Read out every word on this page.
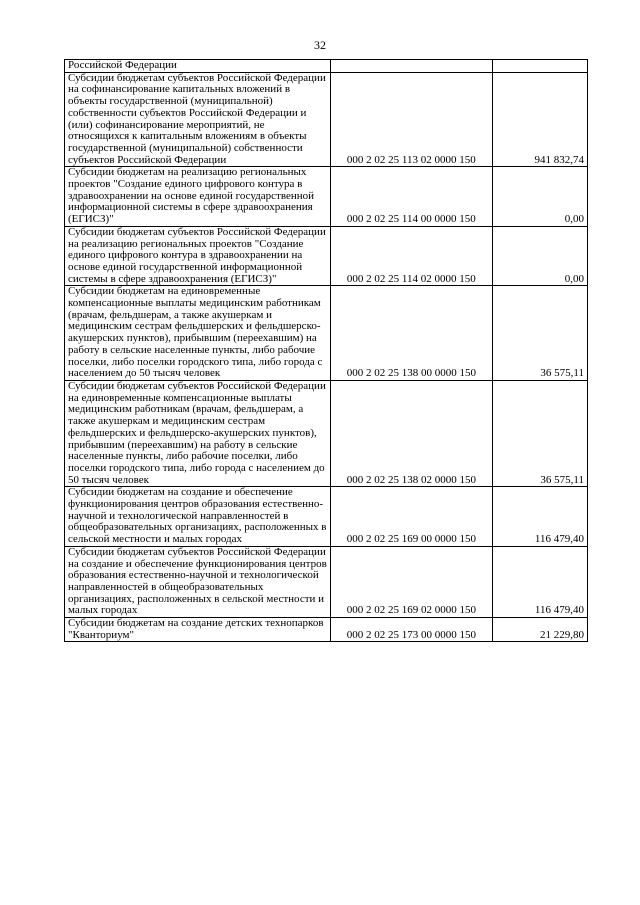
32
Российской Федерации		
Субсидии бюджетам субъектов Российской Федерации на софинансирование капитальных вложений в объекты государственной (муниципальной) собственности субъектов Российской Федерации и (или) софинансирование мероприятий, не относящихся к капитальным вложениям в объекты государственной (муниципальной) собственности субъектов Российской Федерации	000 2 02 25 113 02 0000 150	941 832,74
Субсидии бюджетам на реализацию региональных проектов "Создание единого цифрового контура в здравоохранении на основе единой государственной информационной системы в сфере здравоохранения (ЕГИСЗ)"	000 2 02 25 114 00 0000 150	0,00
Субсидии бюджетам субъектов Российской Федерации на реализацию региональных проектов "Создание единого цифрового контура в здравоохранении на основе единой государственной информационной системы в сфере здравоохранения (ЕГИСЗ)"	000 2 02 25 114 02 0000 150	0,00
Субсидии бюджетам на единовременные компенсационные выплаты медицинским работникам (врачам, фельдшерам, а также акушеркам и медицинским сестрам фельдшерских и фельдшерско-акушерских пунктов), прибывшим (переехавшим) на работу в сельские населенные пункты, либо рабочие поселки, либо поселки городского типа, либо города с населением до 50 тысяч человек	000 2 02 25 138 00 0000 150	36 575,11
Субсидии бюджетам субъектов Российской Федерации на единовременные компенсационные выплаты медицинским работникам (врачам, фельдшерам, а также акушеркам и медицинским сестрам фельдшерских и фельдшерско-акушерских пунктов), прибывшим (переехавшим) на работу в сельские населенные пункты, либо рабочие поселки, либо поселки городского типа, либо города с населением до 50 тысяч человек	000 2 02 25 138 02 0000 150	36 575,11
Субсидии бюджетам на создание и обеспечение функционирования центров образования естественно-научной и технологической направленностей в общеобразовательных организациях, расположенных в сельской местности и малых городах	000 2 02 25 169 00 0000 150	116 479,40
Субсидии бюджетам субъектов Российской Федерации на создание и обеспечение функционирования центров образования естественно-научной и технологической направленностей в общеобразовательных организациях, расположенных в сельской местности и малых городах	000 2 02 25 169 02 0000 150	116 479,40
Субсидии бюджетам на создание детских технопарков "Кванториум"	000 2 02 25 173 00 0000 150	21 229,80
